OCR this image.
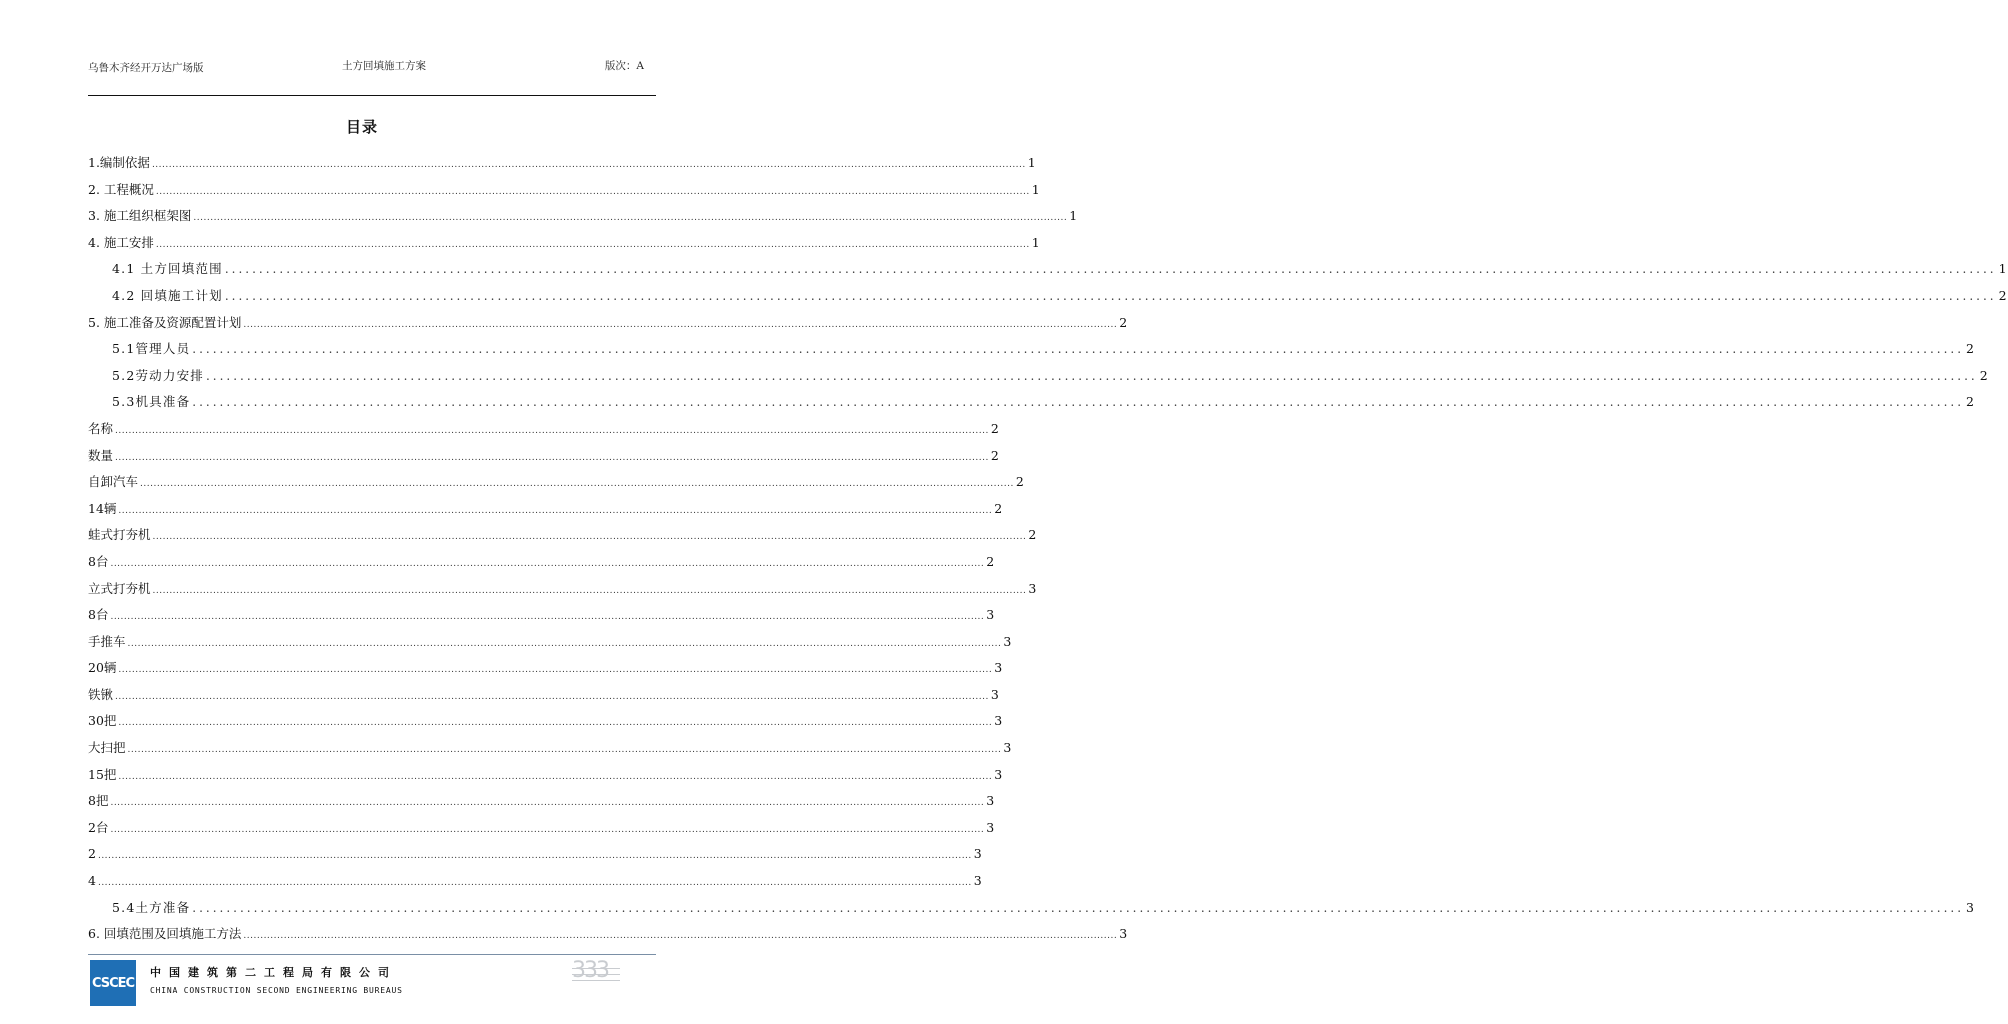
乌鲁木齐经开万达广场版	土方回填施工方案	版次：A
目录
1.编制依据 .................................................................................................................................................................................................................................................................... 1
2. 工程概况 .................................................................................................................................................................................................................................................................... 1
3. 施工组织框架图 .................................................................................................................................................................................................................................................................... 1
4. 施工安排 .................................................................................................................................................................................................................................................................... 1
4.1 土方回填范围 .................................................................................................................................................................................................................................................................... 1
4.2 回填施工计划 .................................................................................................................................................................................................................................................................... 2
5. 施工准备及资源配置计划 .................................................................................................................................................................................................................................................................... 2
5.1管理人员 .................................................................................................................................................................................................................................................................... 2
5.2劳动力安排 .................................................................................................................................................................................................................................................................... 2
5.3机具准备 .................................................................................................................................................................................................................................................................... 2
名称 .................................................................................................................................................................................................................................................................... 2
数量 .................................................................................................................................................................................................................................................................... 2
自卸汽车 .................................................................................................................................................................................................................................................................... 2
14辆 .................................................................................................................................................................................................................................................................... 2
蛙式打夯机 .................................................................................................................................................................................................................................................................... 2
8台 .................................................................................................................................................................................................................................................................... 2
立式打夯机 .................................................................................................................................................................................................................................................................... 3
8台 .................................................................................................................................................................................................................................................................... 3
手推车 .................................................................................................................................................................................................................................................................... 3
20辆 .................................................................................................................................................................................................................................................................... 3
铁锹 .................................................................................................................................................................................................................................................................... 3
30把 .................................................................................................................................................................................................................................................................... 3
大扫把 .................................................................................................................................................................................................................................................................... 3
15把 .................................................................................................................................................................................................................................................................... 3
8把 .................................................................................................................................................................................................................................................................... 3
2台 .................................................................................................................................................................................................................................................................... 3
2 .................................................................................................................................................................................................................................................................... 3
4 .................................................................................................................................................................................................................................................................... 3
5.4土方准备 .................................................................................................................................................................................................................................................................... 3
6. 回填范围及回填施工方法 .................................................................................................................................................................................................................................................................... 3
CSCEC
中国建筑第二工程局有限公司
CHINA CONSTRUCTION SECOND ENGINEERING BUREAUS
333
